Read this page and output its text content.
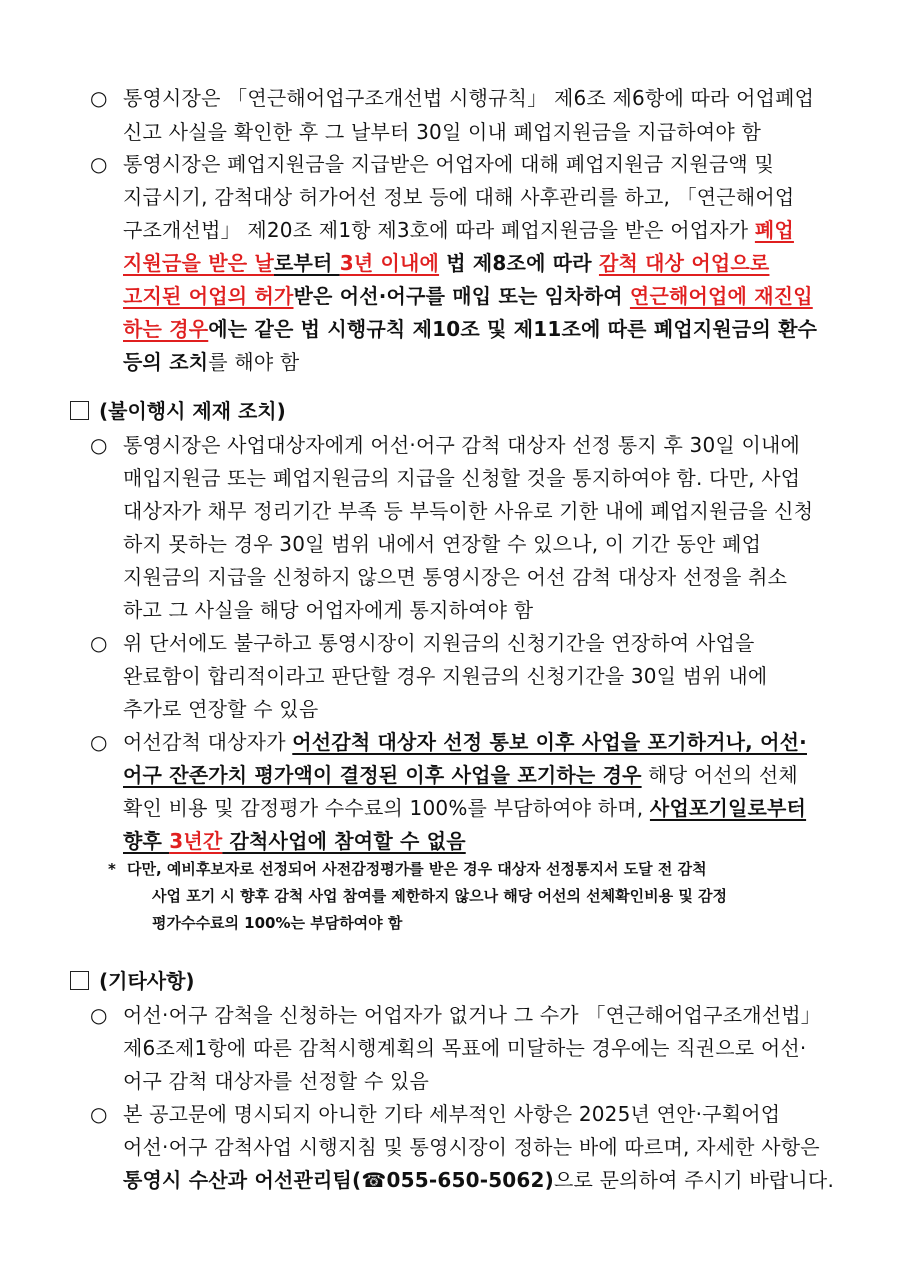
○ 통영시장은 「연근해어업구조개선법 시행규칙」 제6조 제6항에 따라 어업폐업
신고 사실을 확인한 후 그 날부터 30일 이내 폐업지원금을 지급하여야 함
○ 통영시장은 폐업지원금을 지급받은 어업자에 대해 폐업지원금 지원금액 및
지급시기, 감척대상 허가어선 정보 등에 대해 사후관리를 하고, 「연근해어업
구조개선법」 제20조 제1항 제3호에 따라 폐업지원금을 받은 어업자가 폐업
지원금을 받은 날로부터 3년 이내에 법 제8조에 따라 감척 대상 어업으로
고지된 어업의 허가받은 어선·어구를 매입 또는 임차하여 연근해어업에 재진입
하는 경우에는 같은 법 시행규칙 제10조 및 제11조에 따른 폐업지원금의 환수
등의 조치를 해야 함
(불이행시 제재 조치)
○ 통영시장은 사업대상자에게 어선·어구 감척 대상자 선정 통지 후 30일 이내에
매입지원금 또는 폐업지원금의 지급을 신청할 것을 통지하여야 함. 다만, 사업
대상자가 채무 정리기간 부족 등 부득이한 사유로 기한 내에 폐업지원금을 신청
하지 못하는 경우 30일 범위 내에서 연장할 수 있으나, 이 기간 동안 폐업
지원금의 지급을 신청하지 않으면 통영시장은 어선 감척 대상자 선정을 취소
하고 그 사실을 해당 어업자에게 통지하여야 함
○ 위 단서에도 불구하고 통영시장이 지원금의 신청기간을 연장하여 사업을
완료함이 합리적이라고 판단할 경우 지원금의 신청기간을 30일 범위 내에
추가로 연장할 수 있음
○ 어선감척 대상자가 어선감척 대상자 선정 통보 이후 사업을 포기하거나, 어선·
어구 잔존가치 평가액이 결정된 이후 사업을 포기하는 경우 해당 어선의 선체
확인 비용 및 감정평가 수수료의 100%를 부담하여야 하며, 사업포기일로부터
향후 3년간 감척사업에 참여할 수 없음
* 다만, 예비후보자로 선정되어 사전감정평가를 받은 경우 대상자 선정통지서 도달 전 감척
사업 포기 시 향후 감척 사업 참여를 제한하지 않으나 해당 어선의 선체확인비용 및 감정
평가수수료의 100%는 부담하여야 함
(기타사항)
○ 어선·어구 감척을 신청하는 어업자가 없거나 그 수가 「연근해어업구조개선법」
제6조제1항에 따른 감척시행계획의 목표에 미달하는 경우에는 직권으로 어선·
어구 감척 대상자를 선정할 수 있음
○ 본 공고문에 명시되지 아니한 기타 세부적인 사항은 2025년 연안·구획어업
어선·어구 감척사업 시행지침 및 통영시장이 정하는 바에 따르며, 자세한 사항은
통영시 수산과 어선관리팀(☎055-650-5062)으로 문의하여 주시기 바랍니다.
